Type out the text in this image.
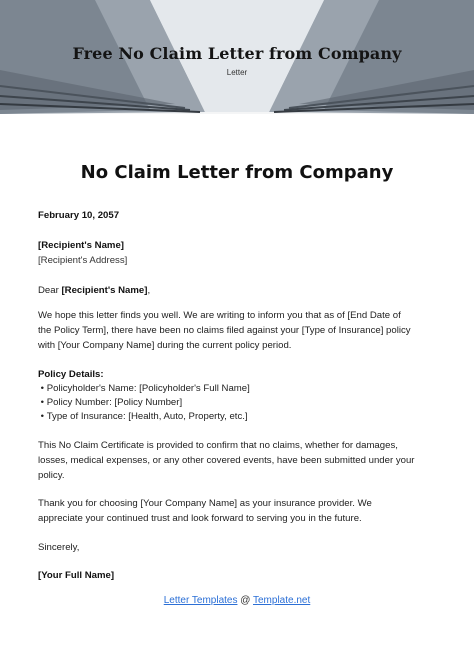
Free No Claim Letter from Company
Letter
No Claim Letter from Company
February 10, 2057
[Recipient's Name]
[Recipient's Address]
Dear [Recipient's Name],
We hope this letter finds you well. We are writing to inform you that as of [End Date of
the Policy Term], there have been no claims filed against your [Type of Insurance] policy
with [Your Company Name] during the current policy period.
Policy Details:
• Policyholder's Name: [Policyholder's Full Name]
• Policy Number: [Policy Number]
• Type of Insurance: [Health, Auto, Property, etc.]
This No Claim Certificate is provided to confirm that no claims, whether for damages,
losses, medical expenses, or any other covered events, have been submitted under your
policy.
Thank you for choosing [Your Company Name] as your insurance provider. We
appreciate your continued trust and look forward to serving you in the future.
Sincerely,
[Your Full Name]
Letter Templates @ Template.net
